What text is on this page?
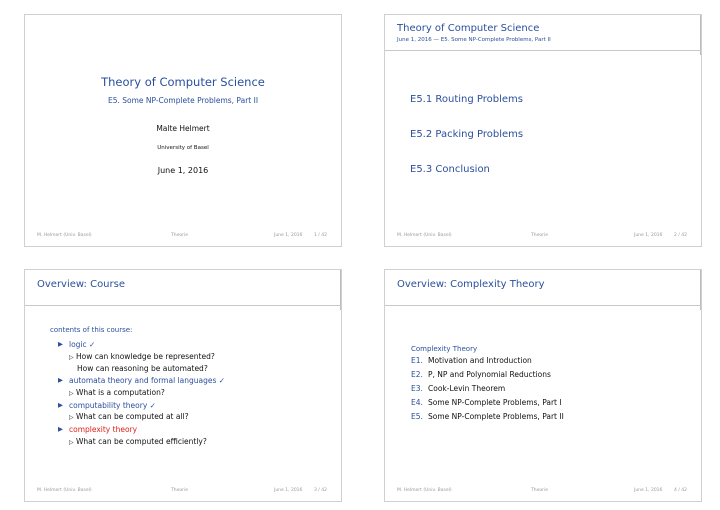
Theory of Computer Science
E5. Some NP-Complete Problems, Part II
Malte Helmert
University of Basel
June 1, 2016
M. Helmert (Univ. Basel)	Theorie	June 1, 2016	1 / 42
Theory of Computer Science
June 1, 2016 — E5. Some NP-Complete Problems, Part II
E5.1 Routing Problems
E5.2 Packing Problems
E5.3 Conclusion
M. Helmert (Univ. Basel)	Theorie	June 1, 2016	2 / 42
Overview: Course
contents of this course:
▶ logic ✓
▷ How can knowledge be represented?
How can reasoning be automated?
▶ automata theory and formal languages ✓
▷ What is a computation?
▶ computability theory ✓
▷ What can be computed at all?
▶ complexity theory
▷ What can be computed efficiently?
M. Helmert (Univ. Basel)	Theorie	June 1, 2016	3 / 42
Overview: Complexity Theory
Complexity Theory
E1.	Motivation and Introduction
E2.	P, NP and Polynomial Reductions
E3.	Cook-Levin Theorem
E4.	Some NP-Complete Problems, Part I
E5.	Some NP-Complete Problems, Part II
M. Helmert (Univ. Basel)	Theorie	June 1, 2016	4 / 42
